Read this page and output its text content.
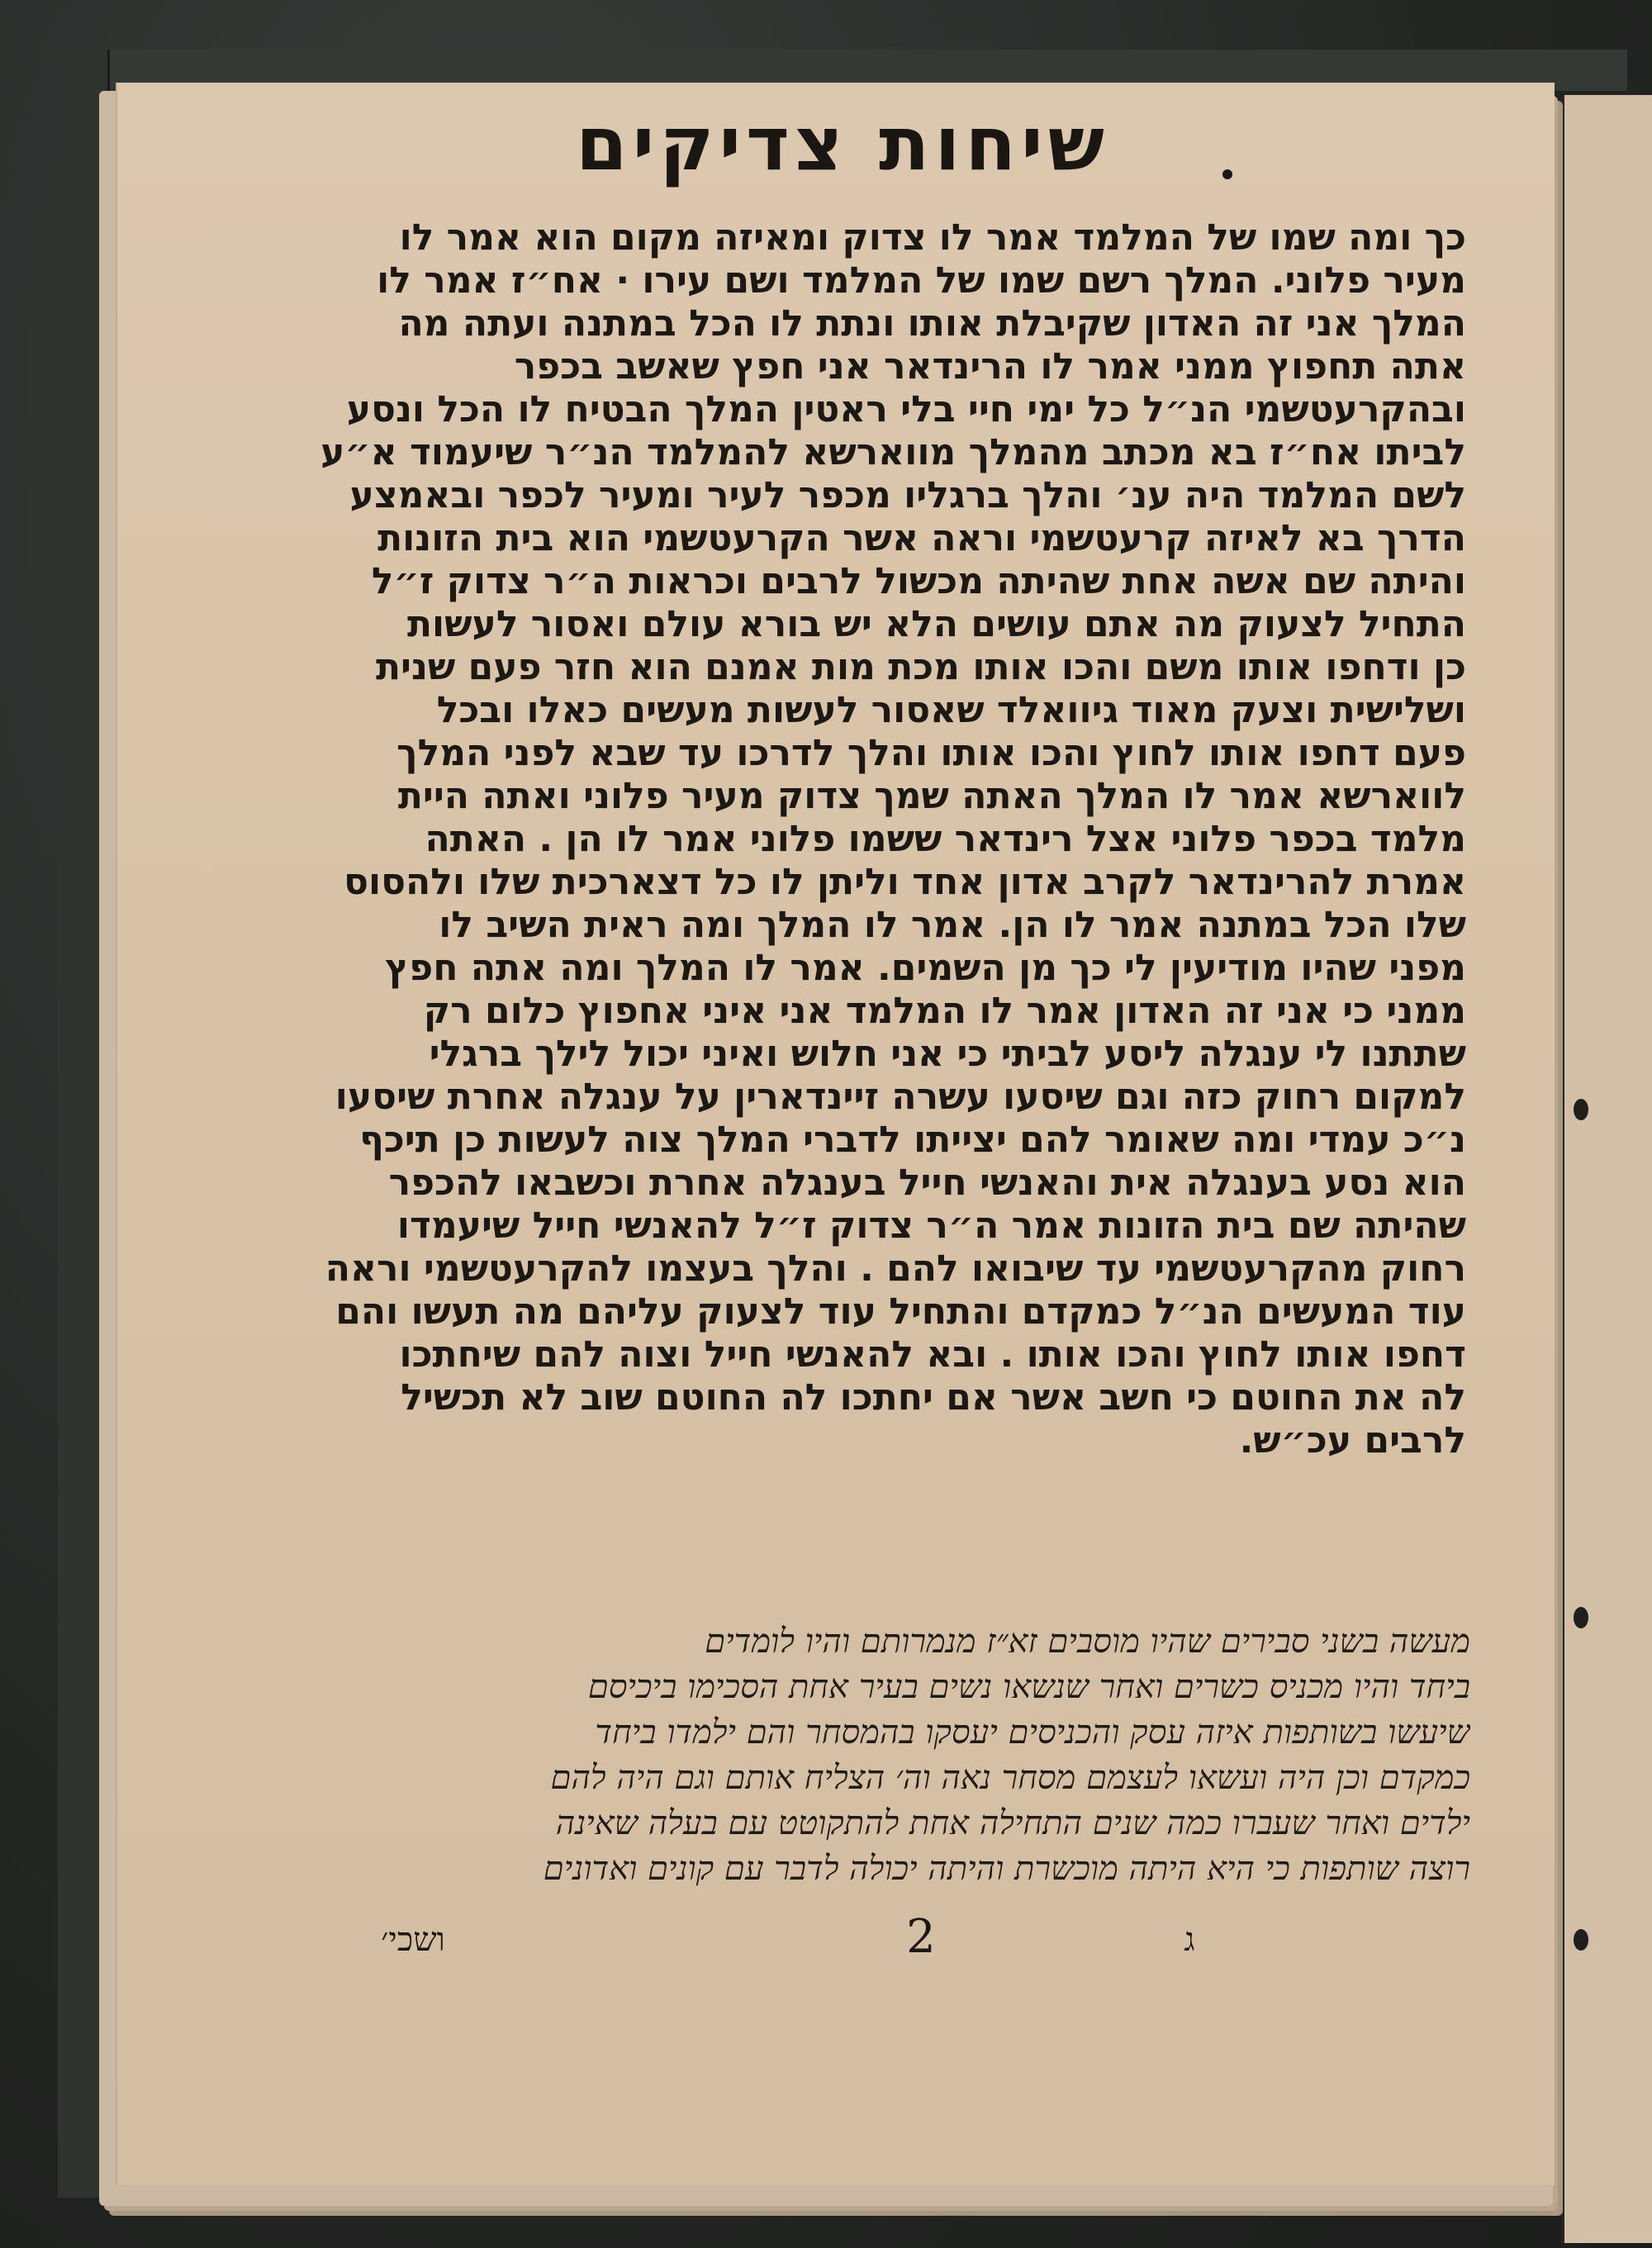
שיחות צדיקים
כך ומה שמו של המלמד אמר לו צדוק ומאיזה מקום הוא אמר לו
מעיר פלוני. המלך רשם שמו של המלמד ושם עירו · אח״ז אמר לו
המלך אני זה האדון שקיבלת אותו ונתת לו הכל במתנה ועתה מה
אתה תחפוץ ממני אמר לו הרינדאר אני חפץ שאשב בכפר
ובהקרעטשמי הנ״ל כל ימי חיי בלי ראטין המלך הבטיח לו הכל ונסע
לביתו אח״ז בא מכתב מהמלך מווארשא להמלמד הנ״ר שיעמוד א״ע
לשם המלמד היה ענ׳ והלך ברגליו מכפר לעיר ומעיר לכפר ובאמצע
הדרך בא לאיזה קרעטשמי וראה אשר הקרעטשמי הוא בית הזונות
והיתה שם אשה אחת שהיתה מכשול לרבים וכראות ה״ר צדוק ז״ל
התחיל לצעוק מה אתם עושים הלא יש בורא עולם ואסור לעשות
כן ודחפו אותו משם והכו אותו מכת מות אמנם הוא חזר פעם שנית
ושלישית וצעק מאוד גיוואלד שאסור לעשות מעשים כאלו ובכל
פעם דחפו אותו לחוץ והכו אותו והלך לדרכו עד שבא לפני המלך
לווארשא אמר לו המלך האתה שמך צדוק מעיר פלוני ואתה היית
מלמד בכפר פלוני אצל רינדאר ששמו פלוני אמר לו הן . האתה
אמרת להרינדאר לקרב אדון אחד וליתן לו כל דצארכית שלו ולהסוס
שלו הכל במתנה אמר לו הן. אמר לו המלך ומה ראית השיב לו
מפני שהיו מודיעין לי כך מן השמים. אמר לו המלך ומה אתה חפץ
ממני כי אני זה האדון אמר לו המלמד אני איני אחפוץ כלום רק
שתתנו לי ענגלה ליסע לביתי כי אני חלוש ואיני יכול לילך ברגלי
למקום רחוק כזה וגם שיסעו עשרה זיינדארין על ענגלה אחרת שיסעו
נ״כ עמדי ומה שאומר להם יצייתו לדברי המלך צוה לעשות כן תיכף
הוא נסע בענגלה אית והאנשי חייל בענגלה אחרת וכשבאו להכפר
שהיתה שם בית הזונות אמר ה״ר צדוק ז״ל להאנשי חייל שיעמדו
רחוק מהקרעטשמי עד שיבואו להם . והלך בעצמו להקרעטשמי וראה
עוד המעשים הנ״ל כמקדם והתחיל עוד לצעוק עליהם מה תעשו והם
דחפו אותו לחוץ והכו אותו . ובא להאנשי חייל וצוה להם שיחתכו
לה את החוטם כי חשב אשר אם יחתכו לה החוטם שוב לא תכשיל
לרבים עכ״ש.
מעשה בשני סבירים שהיו מוסבים זא״ז מנמרותם והיו לומדים
ביחד והיו מכניס כשרים ואחר שנשאו נשים בעיר אחת הסכימו ביכיסם
שיעשו בשותפות איזה עסק והכניסים יעסקו בהמסחר והם ילמדו ביחד
כמקדם וכן היה ועשאו לעצמם מסחר נאה וה׳ הצליח אותם וגם היה להם
ילדים ואחר שעברו כמה שנים התחילה אחת להתקוטט עם בעלה שאינה
רוצה שותפות כי היא היתה מוכשרת והיתה יכולה לדבר עם קונים ואדונים
ושכי׳	2	ג
